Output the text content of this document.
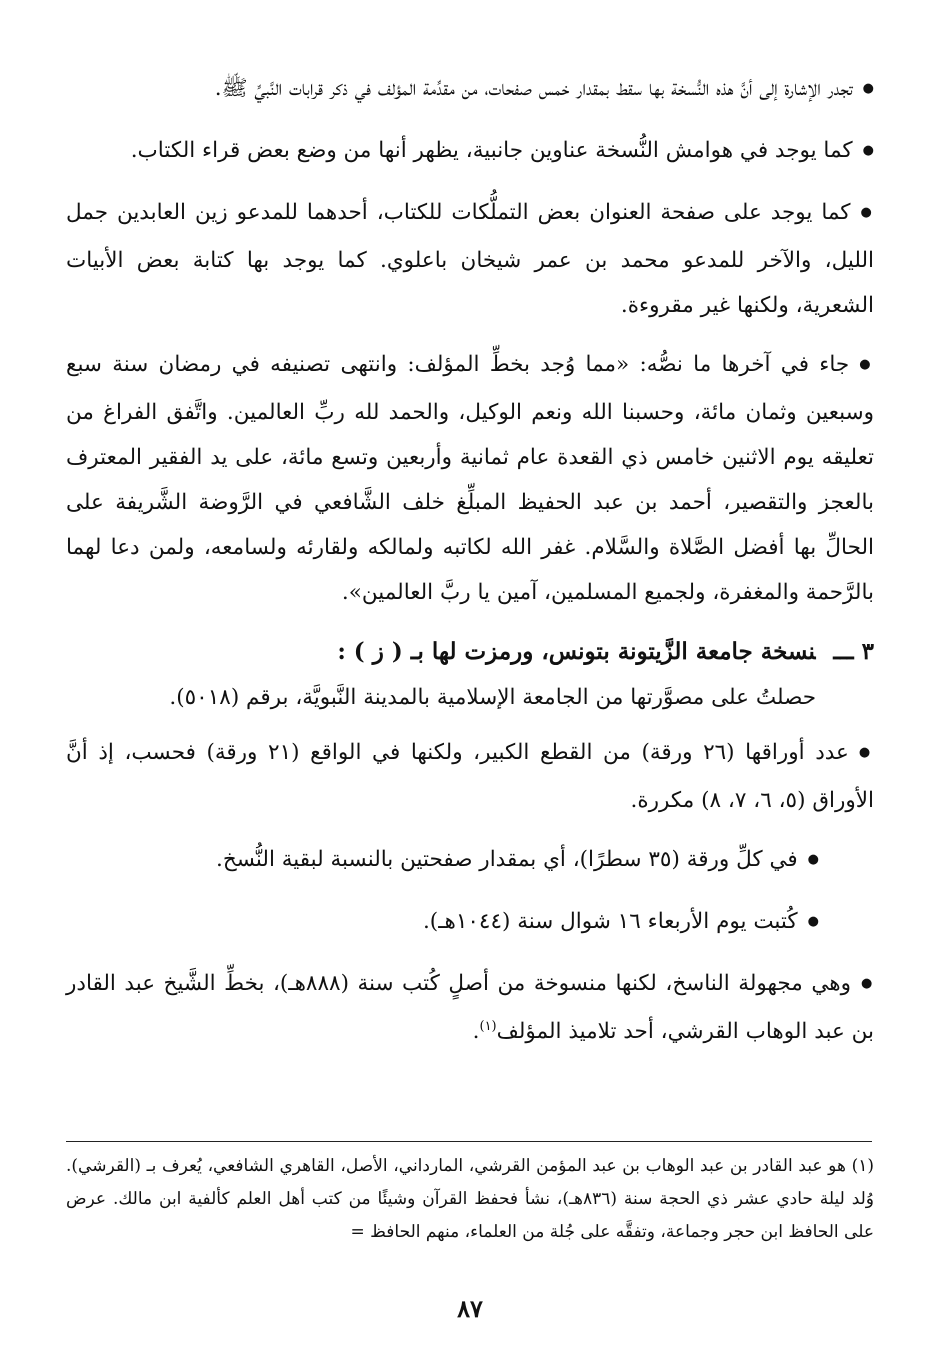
● تجدر الإشارة إلى أنَّ هذه النُّسخة بها سقط بمقدار خمس صفحات، من مقدِّمة المؤلف في ذكر قرابات النَّبيِّ ﷺ.

● كما يوجد في هوامش النُّسخة عناوين جانبية، يظهر أنها من وضع بعض قراء الكتاب.

● كما يوجد على صفحة العنوان بعض التملُّكات للكتاب، أحدهما للمدعو زين العابدين جمل الليل، والآخر للمدعو محمد بن عمر شيخان باعلوي. كما يوجد بها كتابة بعض الأبيات الشعرية، ولكنها غير مقروءة.

● جاء في آخرها ما نصُّه: «مما وُجد بخطِّ المؤلف: وانتهى تصنيفه في رمضان سنة سبع وسبعين وثمان مائة، وحسبنا الله ونعم الوكيل، والحمد لله ربِّ العالمين. واتَّفق الفراغ من تعليقه يوم الاثنين خامس ذي القعدة عام ثمانية وأربعين وتسع مائة، على يد الفقير المعترف بالعجز والتقصير، أحمد بن عبد الحفيظ المبلِّغ خلف الشَّافعي في الرَّوضة الشَّريفة على الحالِّ بها أفضل الصَّلاة والسَّلام. غفر الله لكاتبه ولمالكه ولقارئه ولسامعه، ولمن دعا لهما بالرَّحمة والمغفرة، ولجميع المسلمين، آمين يا ربَّ العالمين».

٣ ـــنسخة جامعة الزَّيتونة بتونس، ورمزت لها بـ ( ز ) :

حصلتُ على مصوَّرتها من الجامعة الإسلامية بالمدينة النَّبويَّة، برقم (٥٠١٨).

● عدد أوراقها (٢٦ ورقة) من القطع الكبير، ولكنها في الواقع (٢١ ورقة) فحسب، إذ أنَّ الأوراق (٥، ٦، ٧، ٨) مكررة.

● في كلِّ ورقة (٣٥ سطرًا)، أي بمقدار صفحتين بالنسبة لبقية النُّسخ.

● كُتبت يوم الأربعاء ١٦ شوال سنة (١٠٤٤هـ).

● وهي مجهولة الناسخ، لكنها منسوخة من أصلٍ كُتب سنة (٨٨٨هـ)، بخطِّ الشَّيخ عبد القادر بن عبد الوهاب القرشي، أحد تلاميذ المؤلف$^{(١)}$.

(١) هو عبد القادر بن عبد الوهاب بن عبد المؤمن القرشي، المارداني، الأصل، القاهري الشافعي، يُعرف بـ (القرشي). وُلد ليلة حادي عشر ذي الحجة سنة (٨٣٦هـ)، نشأ فحفظ القرآن وشيئًا من كتب أهل العلم كألفية ابن مالك. عرض على الحافظ ابن حجر وجماعة، وتفقَّه على جُلة من العلماء، منهم الحافظ =

٨٧
